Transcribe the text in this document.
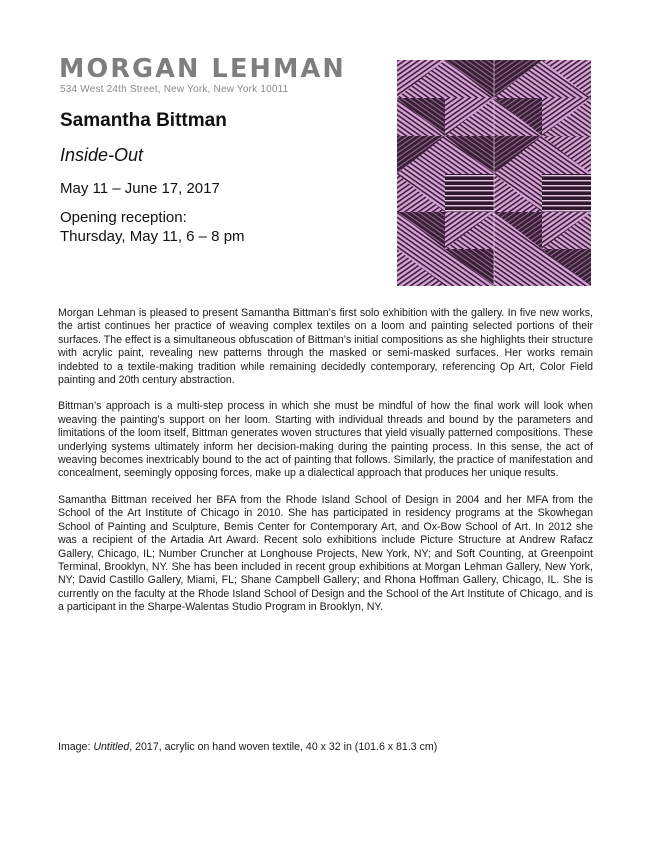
MORGAN LEHMAN
534 West 24th Street, New York, New York 10011
Samantha Bittman
Inside-Out
May 11 – June 17, 2017
Opening reception:
Thursday, May 11, 6 – 8 pm

Morgan Lehman is pleased to present Samantha Bittman’s first solo exhibition with the gallery. In five new works, the artist continues her practice of weaving complex textiles on a loom and painting selected portions of their surfaces. The effect is a simultaneous obfuscation of Bittman’s initial compositions as she highlights their structure with acrylic paint, revealing new patterns through the masked or semi-masked surfaces. Her works remain indebted to a textile-making tradition while remaining decidedly contemporary, referencing Op Art, Color Field painting and 20th century abstraction.

Bittman’s approach is a multi-step process in which she must be mindful of how the final work will look when weaving the painting’s support on her loom. Starting with individual threads and bound by the parameters and limitations of the loom itself, Bittman generates woven structures that yield visually patterned compositions. These underlying systems ultimately inform her decision-making during the painting process. In this sense, the act of weaving becomes inextricably bound to the act of painting that follows. Similarly, the practice of manifestation and concealment, seemingly opposing forces, make up a dialectical approach that produces her unique results.

Samantha Bittman received her BFA from the Rhode Island School of Design in 2004 and her MFA from the School of the Art Institute of Chicago in 2010. She has participated in residency programs at the Skowhegan School of Painting and Sculpture, Bemis Center for Contemporary Art, and Ox-Bow School of Art. In 2012 she was a recipient of the Artadia Art Award. Recent solo exhibitions include Picture Structure at Andrew Rafacz Gallery, Chicago, IL; Number Cruncher at Longhouse Projects, New York, NY; and Soft Counting, at Greenpoint Terminal, Brooklyn, NY. She has been included in recent group exhibitions at Morgan Lehman Gallery, New York, NY; David Castillo Gallery, Miami, FL; Shane Campbell Gallery; and Rhona Hoffman Gallery, Chicago, IL. She is currently on the faculty at the Rhode Island School of Design and the School of the Art Institute of Chicago, and is a participant in the Sharpe-Walentas Studio Program in Brooklyn, NY.

Image: Untitled, 2017, acrylic on hand woven textile, 40 x 32 in (101.6 x 81.3 cm)
